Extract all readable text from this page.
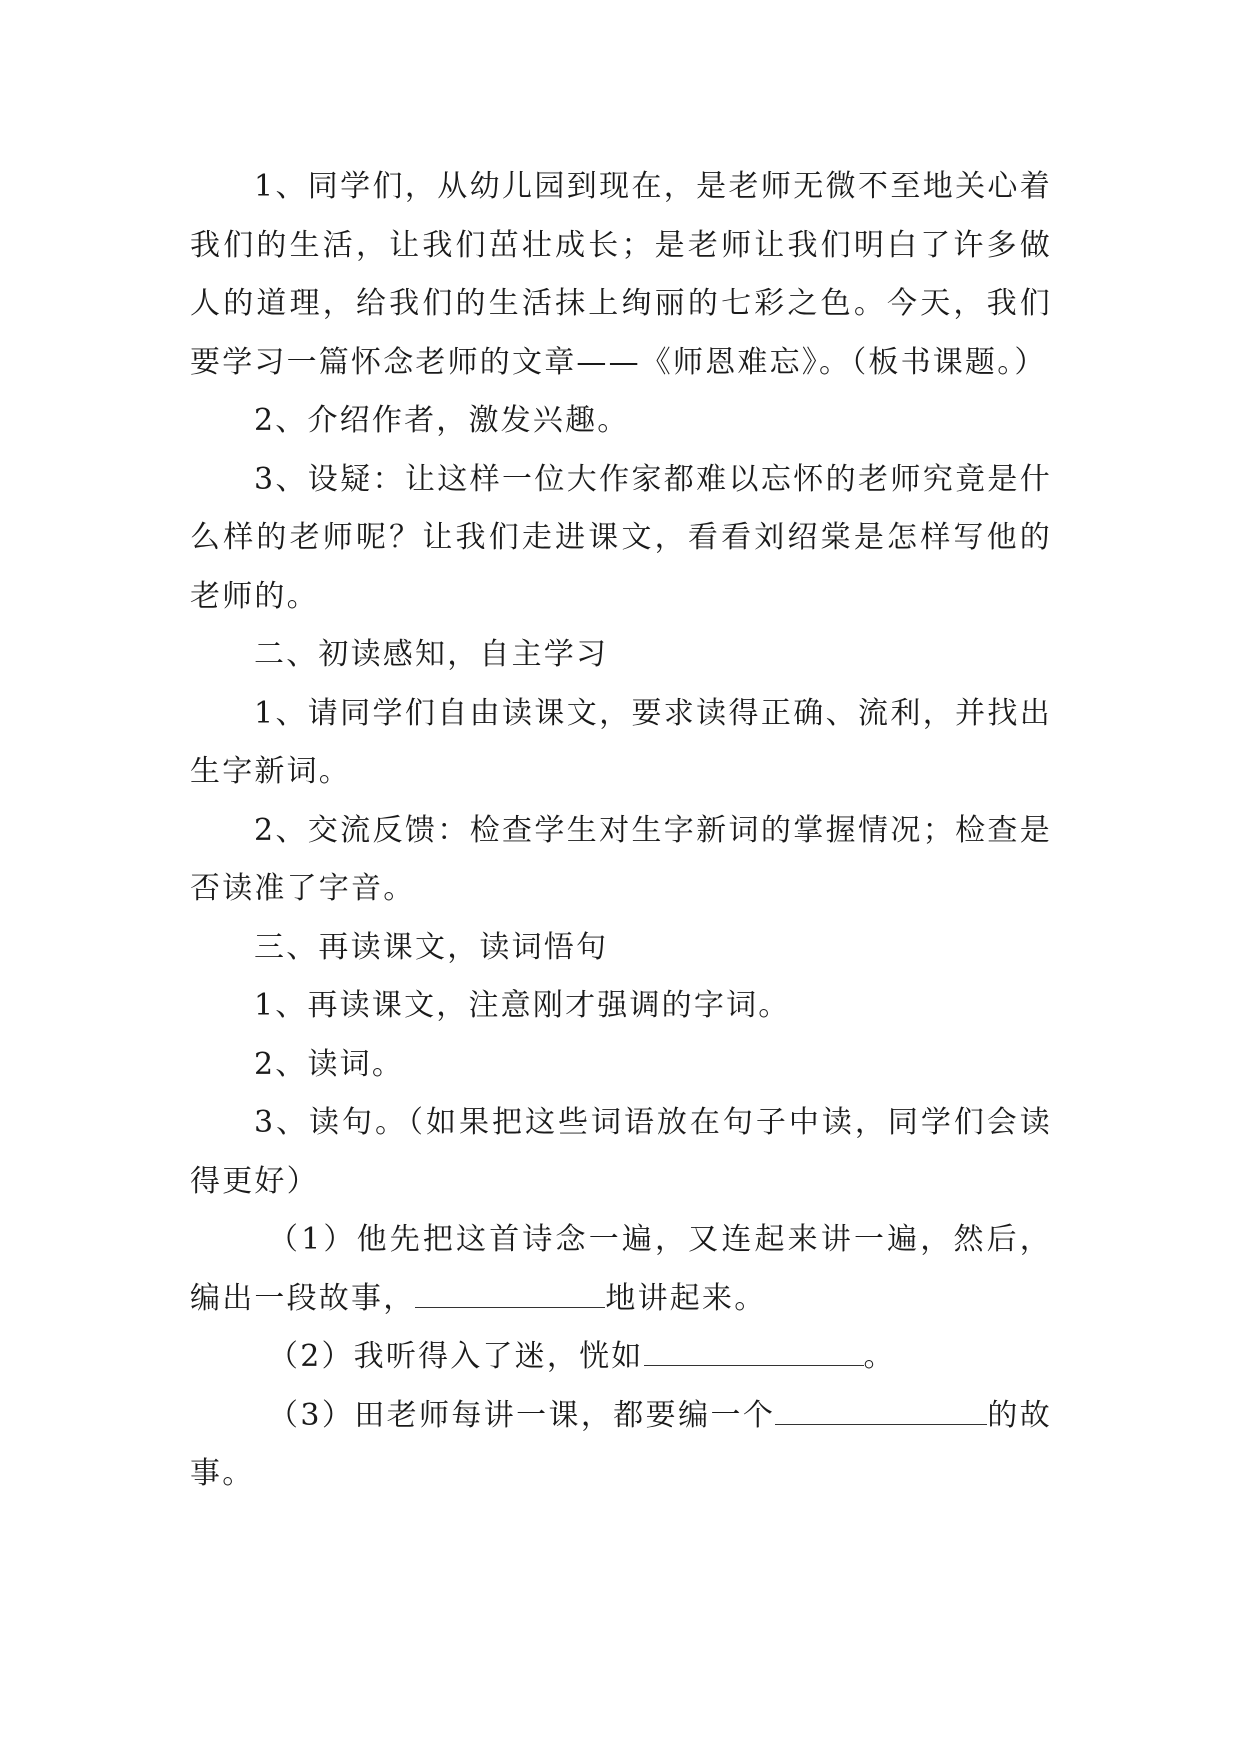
1、同学们，从幼儿园到现在，是老师无微不至地关心着我们的生活，让我们茁壮成长；是老师让我们明白了许多做人的道理，给我们的生活抹上绚丽的七彩之色。今天，我们要学习一篇怀念老师的文章——《师恩难忘》。（板书课题。）

2、介绍作者，激发兴趣。

3、设疑：让这样一位大作家都难以忘怀的老师究竟是什么样的老师呢？让我们走进课文，看看刘绍棠是怎样写他的老师的。

二、初读感知，自主学习

1、请同学们自由读课文，要求读得正确、流利，并找出生字新词。

2、交流反馈：检查学生对生字新词的掌握情况；检查是否读准了字音。

三、再读课文，读词悟句

1、再读课文，注意刚才强调的字词。

2、读词。

3、读句。（如果把这些词语放在句子中读，同学们会读得更好）

（1）他先把这首诗念一遍，又连起来讲一遍，然后，编出一段故事，	地讲起来。

（2）我听得入了迷，恍如	。

（3）田老师每讲一课，都要编一个	的故事。
